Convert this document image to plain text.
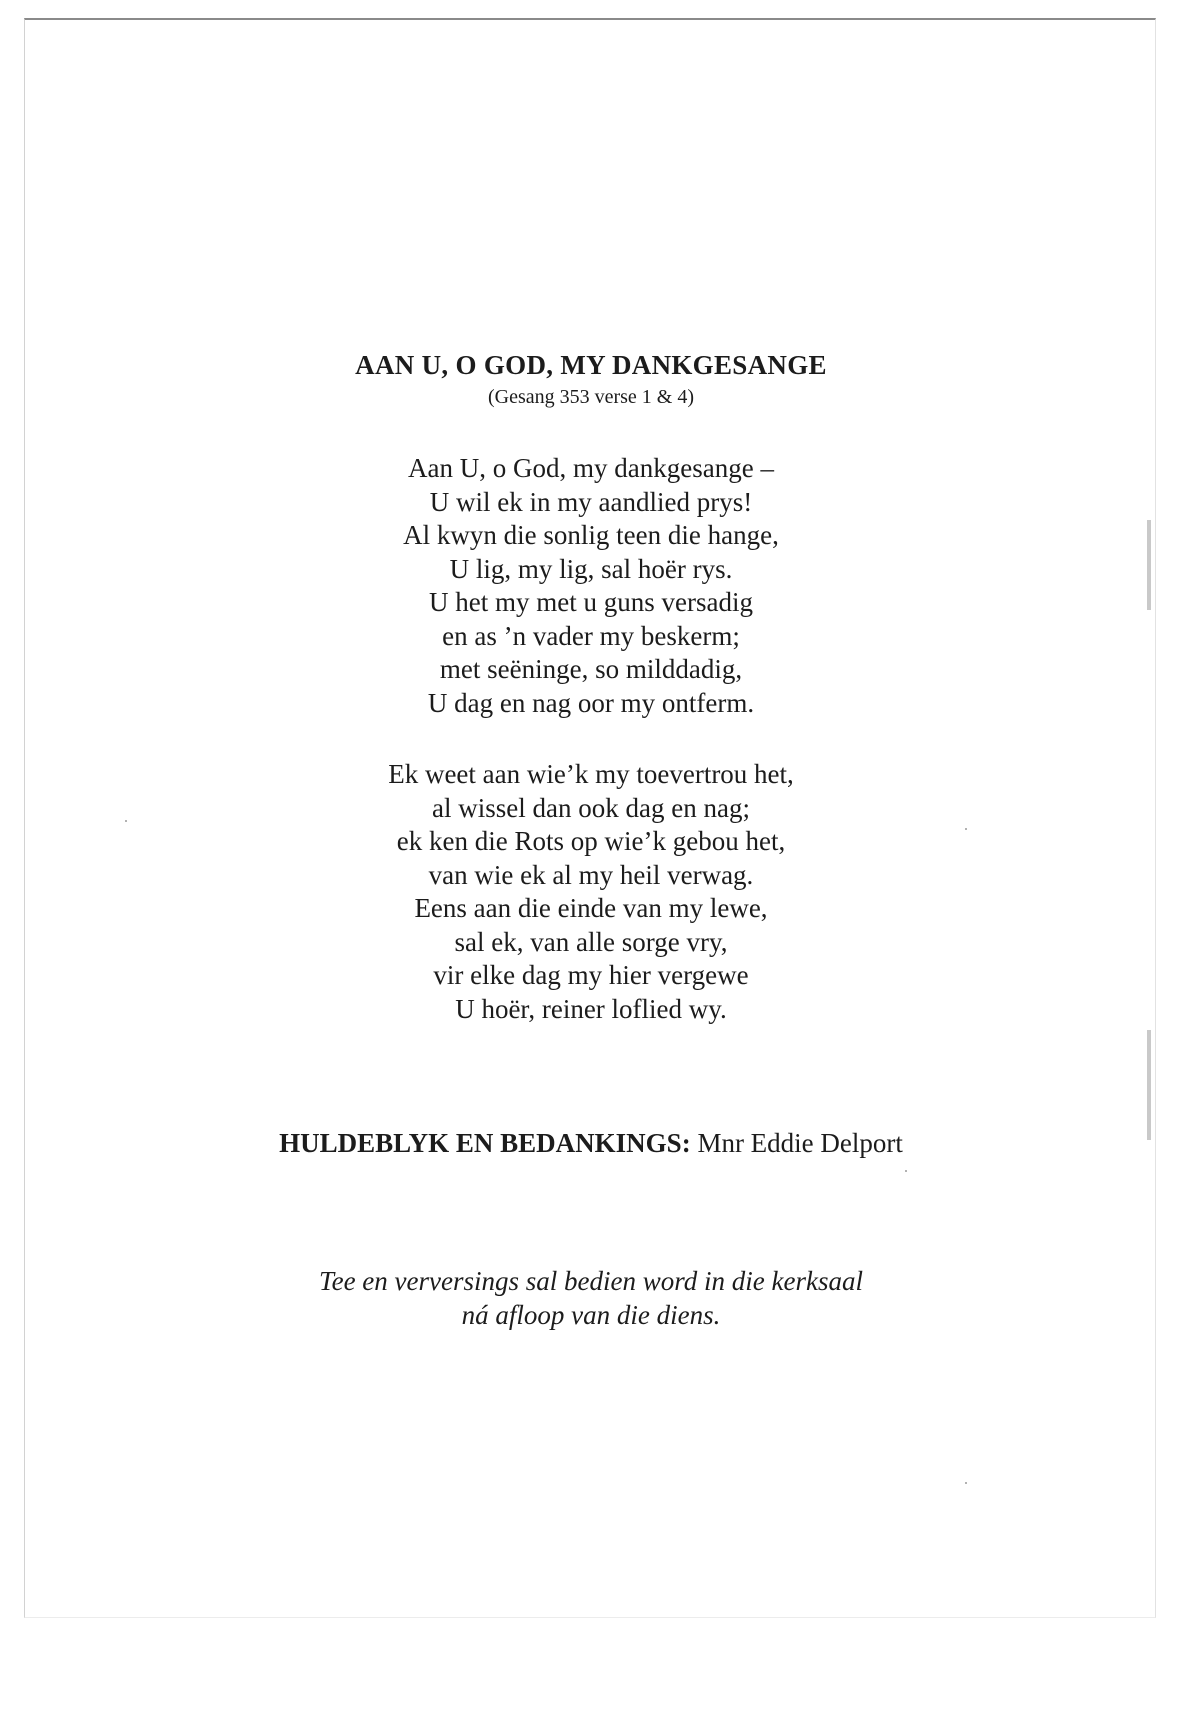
AAN U, O GOD, MY DANKGESANGE

(Gesang 353 verse 1 & 4)

Aan U, o God, my dankgesange –
U wil ek in my aandlied prys!
Al kwyn die sonlig teen die hange,
U lig, my lig, sal hoër rys.
U het my met u guns versadig
en as ’n vader my beskerm;
met seëninge, so milddadig,
U dag en nag oor my ontferm.
Ek weet aan wie’k my toevertrou het,
al wissel dan ook dag en nag;
ek ken die Rots op wie’k gebou het,
van wie ek al my heil verwag.
Eens aan die einde van my lewe,
sal ek, van alle sorge vry,
vir elke dag my hier vergewe
U hoër, reiner loflied wy.
HULDEBLYK EN BEDANKINGS: Mnr Eddie Delport
Tee en verversings sal bedien word in die kerksaal
ná afloop van die diens.
